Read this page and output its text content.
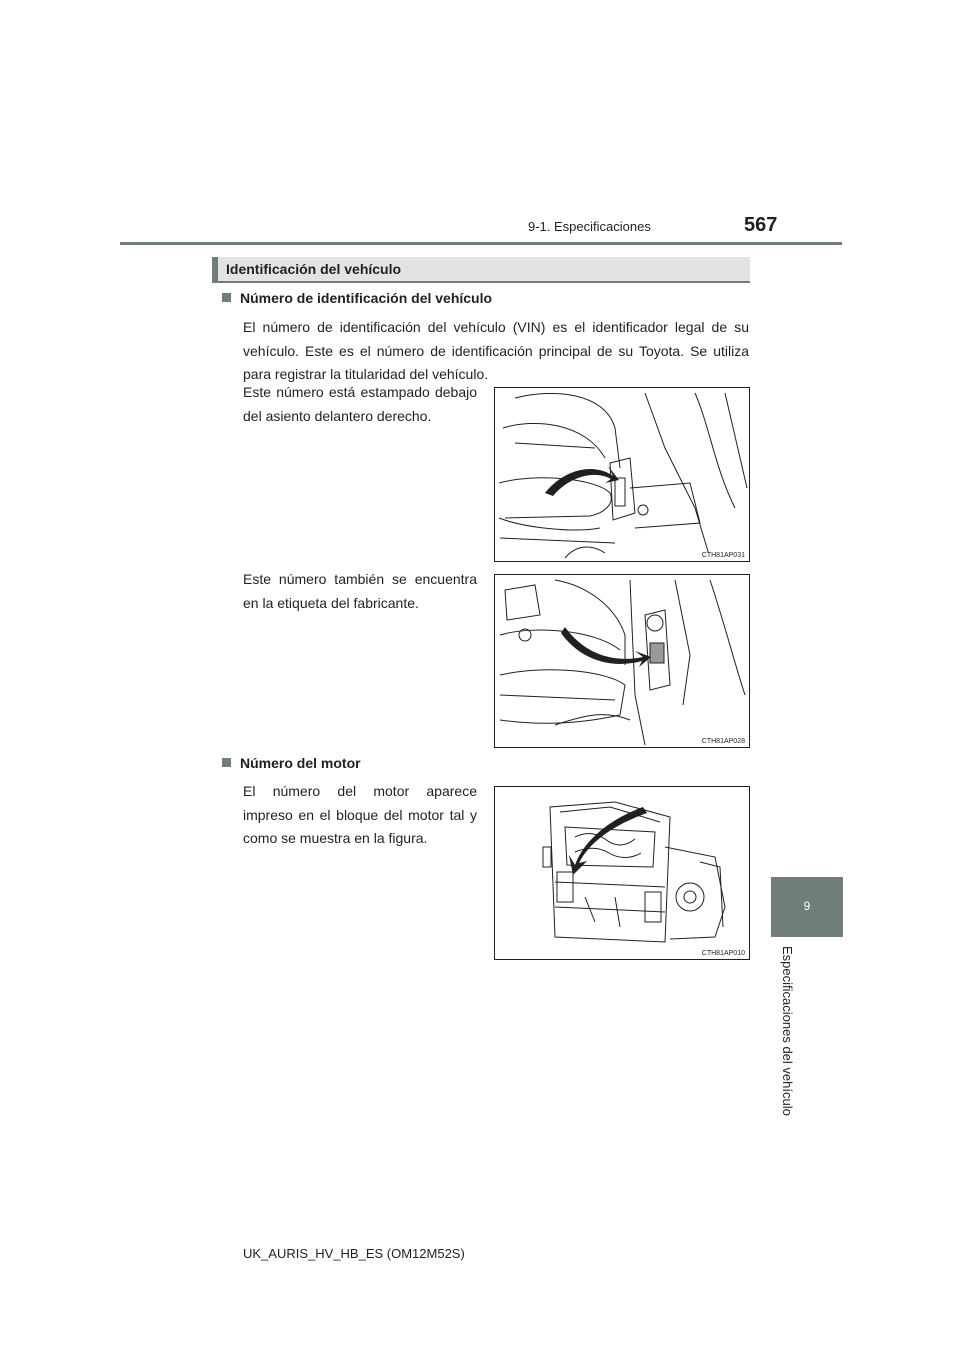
9-1. Especificaciones	567
Identificación del vehículo
Número de identificación del vehículo
El número de identificación del vehículo (VIN) es el identificador legal de su vehículo. Este es el número de identificación principal de su Toyota. Se utiliza para registrar la titularidad del vehículo.
Este número está estampado debajo del asiento delantero derecho.
CTH81AP031
Este número también se encuentra en la etiqueta del fabricante.
CTH81AP028
Número del motor
El número del motor aparece impreso en el bloque del motor tal y como se muestra en la figura.
CTH81AP010
9
Especificaciones del vehículo
UK_AURIS_HV_HB_ES (OM12M52S)
